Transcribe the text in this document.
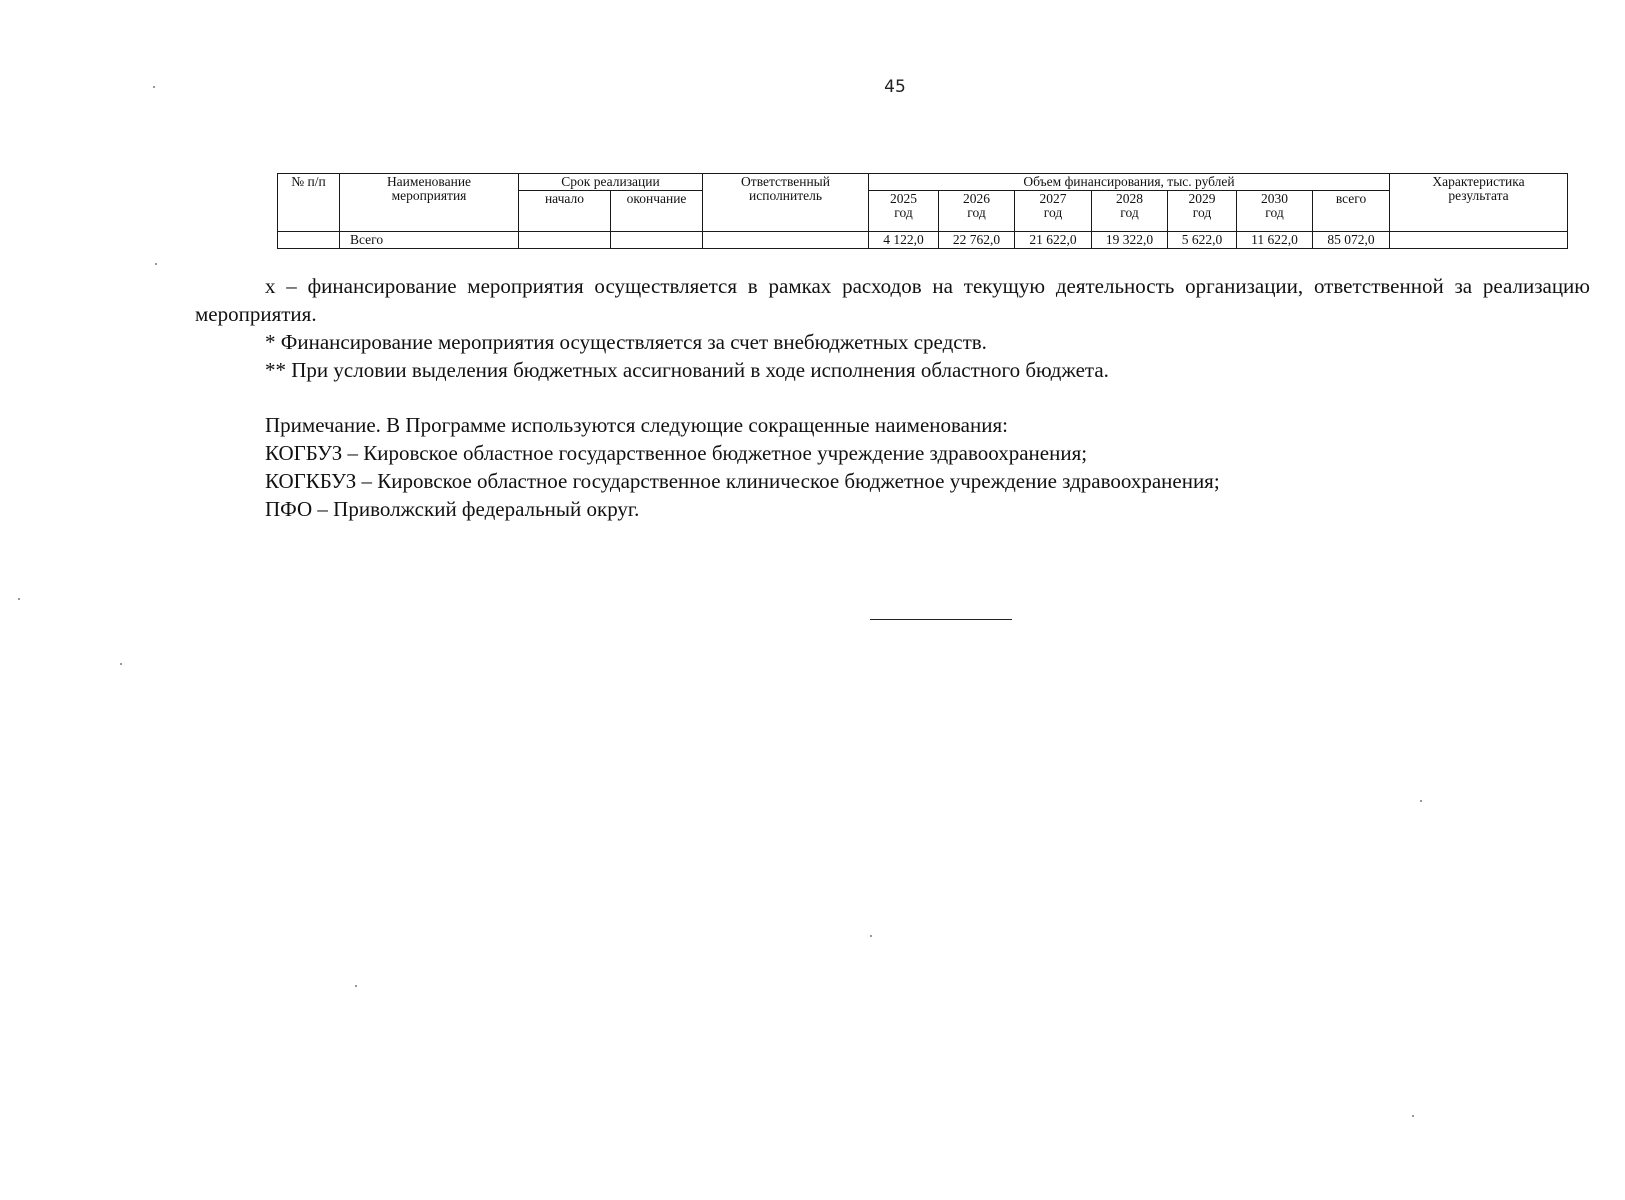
45
№ п/п	Наименование мероприятия	Срок реализации		Ответственный исполнитель	Объем финансирования, тыс. рублей							Характеристика результата
		начало	окончание		2025 год	2026 год	2027 год	2028 год	2029 год	2030 год	всего	
	Всего				4 122,0	22 762,0	21 622,0	19 322,0	5 622,0	11 622,0	85 072,0	

х – финансирование мероприятия осуществляется в рамках расходов на текущую деятельность организации, ответственной за реализацию мероприятия.

* Финансирование мероприятия осуществляется за счет внебюджетных средств.

** При условии выделения бюджетных ассигнований в ходе исполнения областного бюджета.

Примечание. В Программе используются следующие сокращенные наименования:

КОГБУЗ – Кировское областное государственное бюджетное учреждение здравоохранения;

КОГКБУЗ – Кировское областное государственное клиническое бюджетное учреждение здравоохранения;

ПФО – Приволжский федеральный округ.
